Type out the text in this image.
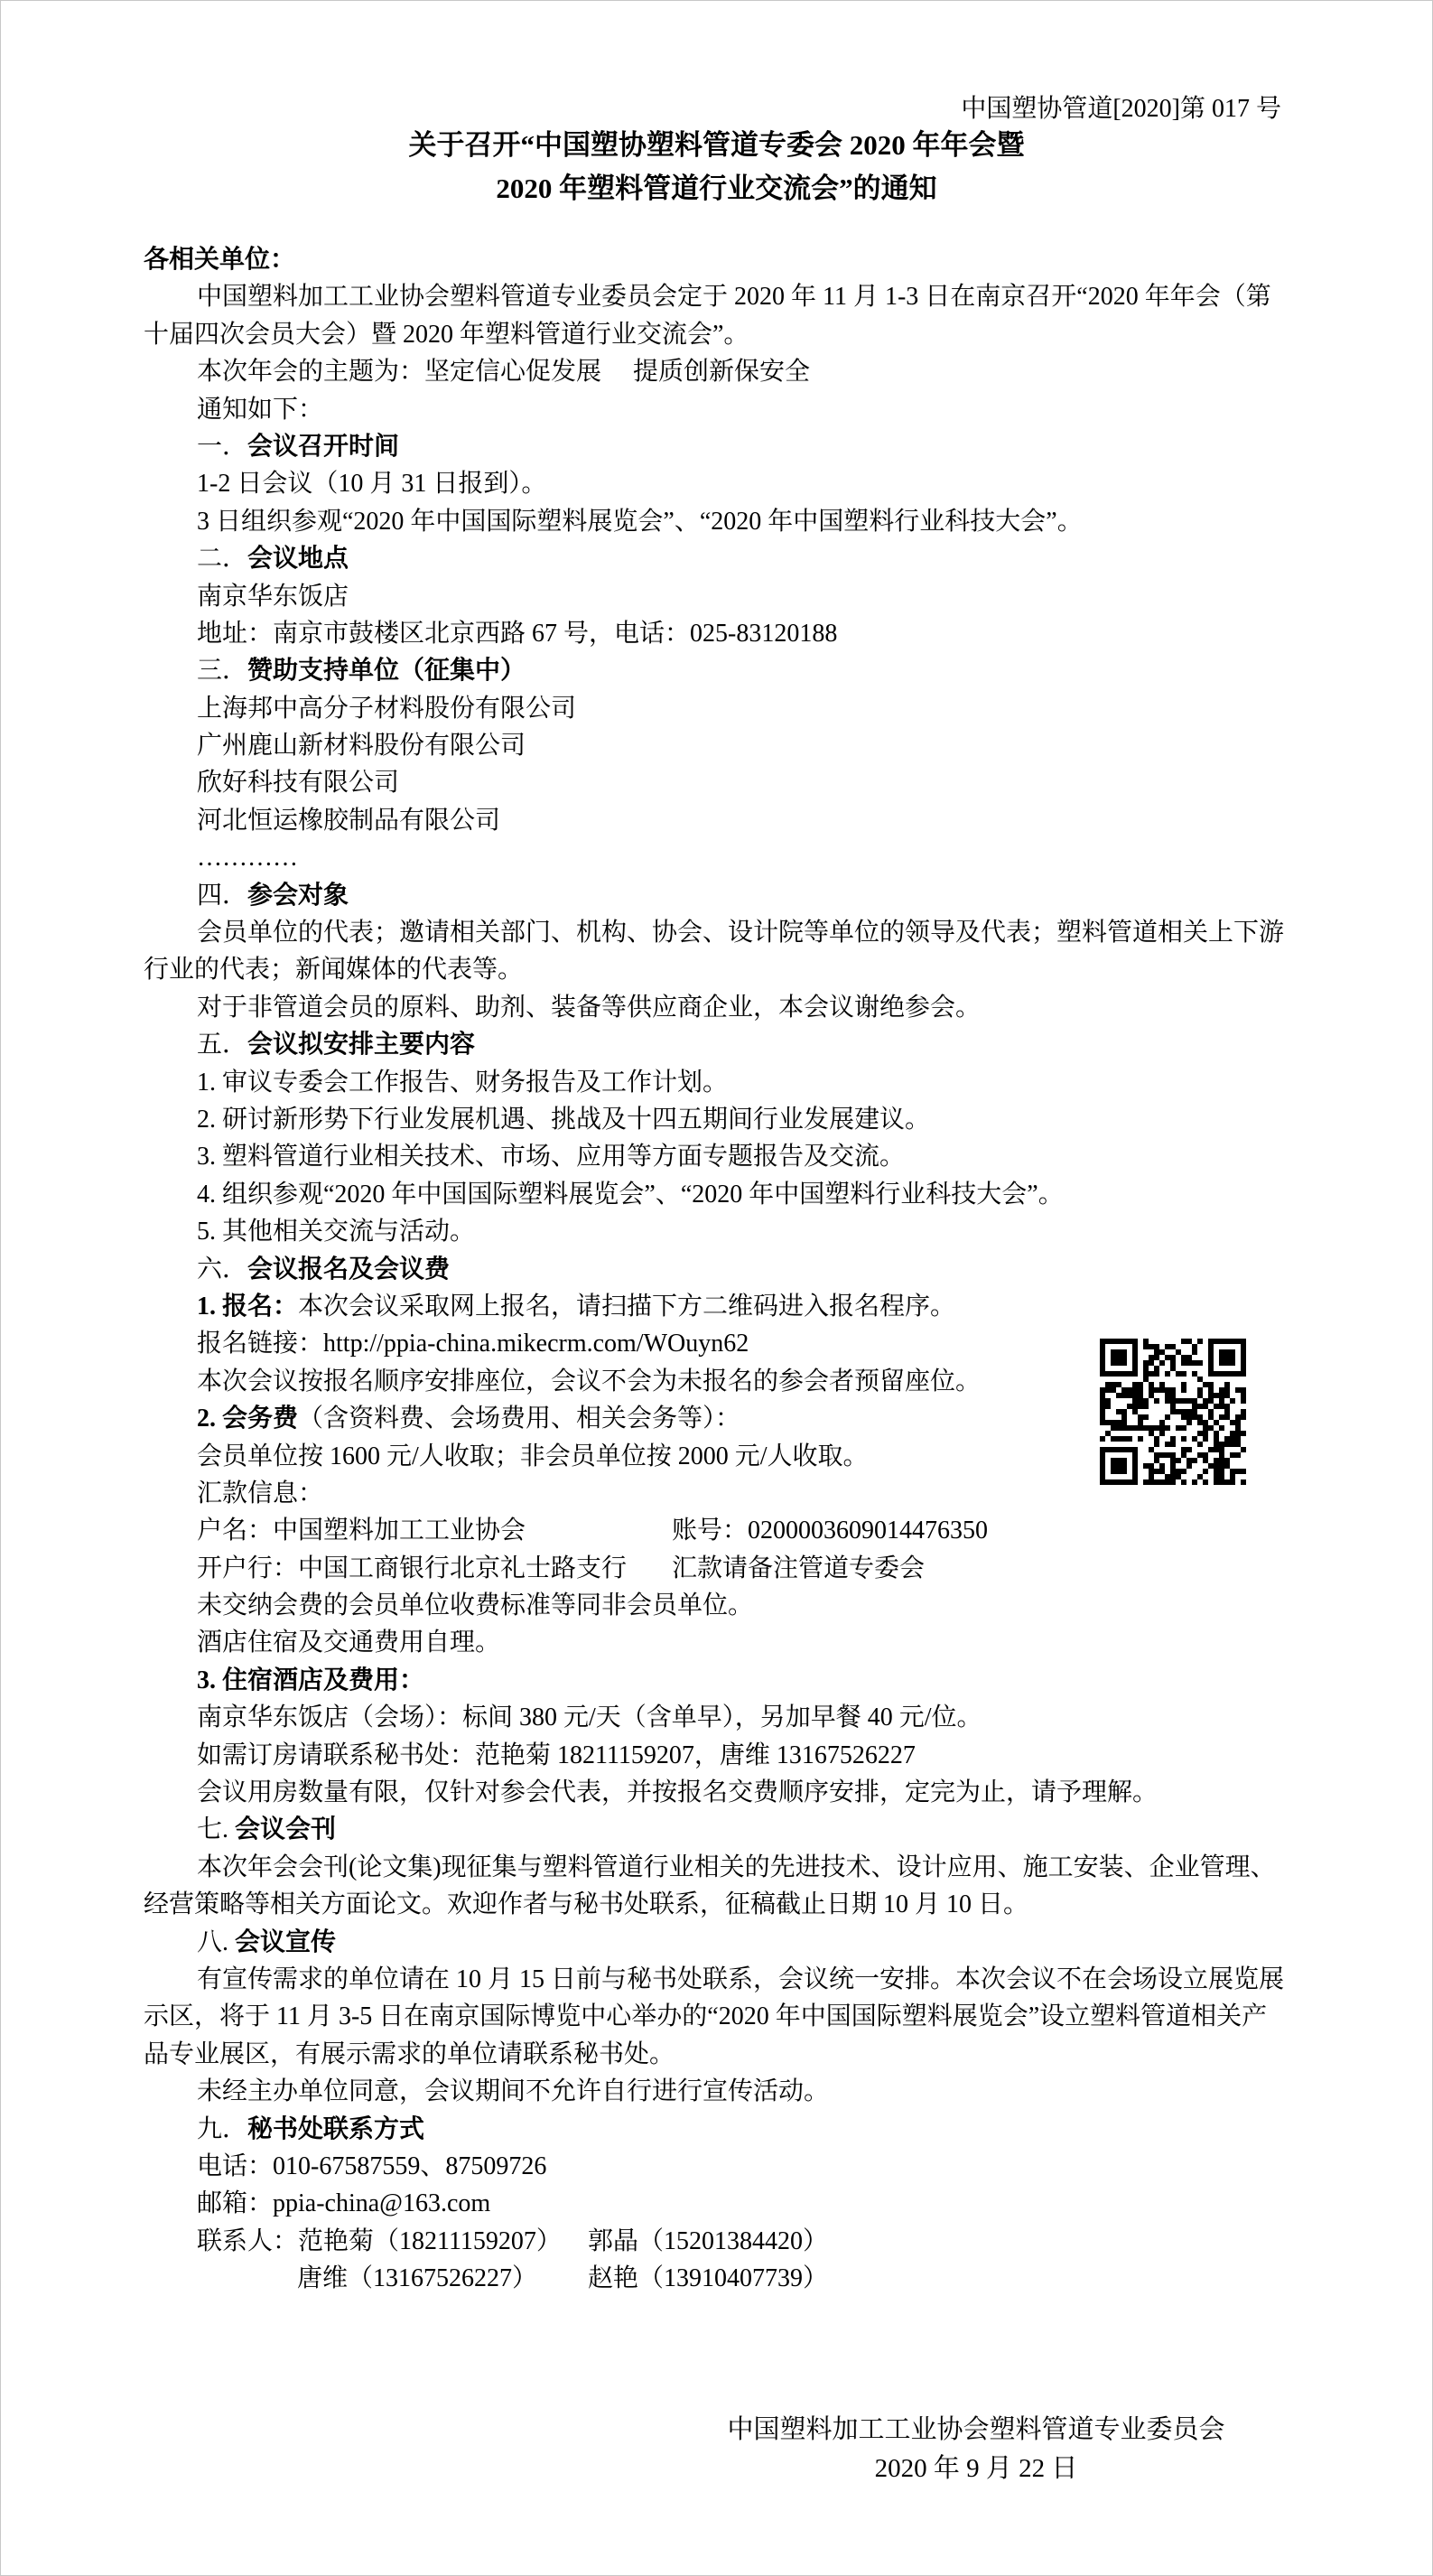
中国塑协管道[2020]第 017 号
关于召开“中国塑协塑料管道专委会 2020 年年会暨
2020 年塑料管道行业交流会”的通知
各相关单位：
中国塑料加工工业协会塑料管道专业委员会定于 2020 年 11 月 1-3 日在南京召开“2020 年年会（第
十届四次会员大会）暨 2020 年塑料管道行业交流会”。
本次年会的主题为：坚定信心促发展　 提质创新保安全
通知如下：
一．会议召开时间
1-2 日会议（10 月 31 日报到）。
3 日组织参观“2020 年中国国际塑料展览会”、“2020 年中国塑料行业科技大会”。
二．会议地点
南京华东饭店
地址：南京市鼓楼区北京西路 67 号，电话：025-83120188
三．赞助支持单位（征集中）
上海邦中高分子材料股份有限公司
广州鹿山新材料股份有限公司
欣好科技有限公司
河北恒运橡胶制品有限公司
…………
四．参会对象
会员单位的代表；邀请相关部门、机构、协会、设计院等单位的领导及代表；塑料管道相关上下游
行业的代表；新闻媒体的代表等。
对于非管道会员的原料、助剂、装备等供应商企业，本会议谢绝参会。
五．会议拟安排主要内容
1. 审议专委会工作报告、财务报告及工作计划。
2. 研讨新形势下行业发展机遇、挑战及十四五期间行业发展建议。
3. 塑料管道行业相关技术、市场、应用等方面专题报告及交流。
4. 组织参观“2020 年中国国际塑料展览会”、“2020 年中国塑料行业科技大会”。
5. 其他相关交流与活动。
六．会议报名及会议费
1. 报名：本次会议采取网上报名，请扫描下方二维码进入报名程序。
报名链接：http://ppia-china.mikecrm.com/WOuyn62
本次会议按报名顺序安排座位，会议不会为未报名的参会者预留座位。
2. 会务费（含资料费、会场费用、相关会务等）：
会员单位按 1600 元/人收取；非会员单位按 2000 元/人收取。
汇款信息：
户名：中国塑料加工工业协会	账号：0200003609014476350
开户行：中国工商银行北京礼士路支行 汇款请备注管道专委会
未交纳会费的会员单位收费标准等同非会员单位。
酒店住宿及交通费用自理。
3. 住宿酒店及费用：
南京华东饭店（会场）：标间 380 元/天（含单早），另加早餐 40 元/位。
如需订房请联系秘书处：范艳菊 18211159207，唐维 13167526227
会议用房数量有限，仅针对参会代表，并按报名交费顺序安排，定完为止，请予理解。
七. 会议会刊
本次年会会刊(论文集)现征集与塑料管道行业相关的先进技术、设计应用、施工安装、企业管理、
经营策略等相关方面论文。欢迎作者与秘书处联系，征稿截止日期 10 月 10 日。
八. 会议宣传
有宣传需求的单位请在 10 月 15 日前与秘书处联系，会议统一安排。本次会议不在会场设立展览展
示区，将于 11 月 3-5 日在南京国际博览中心举办的“2020 年中国国际塑料展览会”设立塑料管道相关产
品专业展区，有展示需求的单位请联系秘书处。
未经主办单位同意，会议期间不允许自行进行宣传活动。
九．秘书处联系方式
电话：010-67587559、87509726
邮箱：ppia-china@163.com
联系人：范艳菊（18211159207） 郭晶（15201384420）
唐维（13167526227） 赵艳（13910407739）
中国塑料加工工业协会塑料管道专业委员会
2020 年 9 月 22 日
